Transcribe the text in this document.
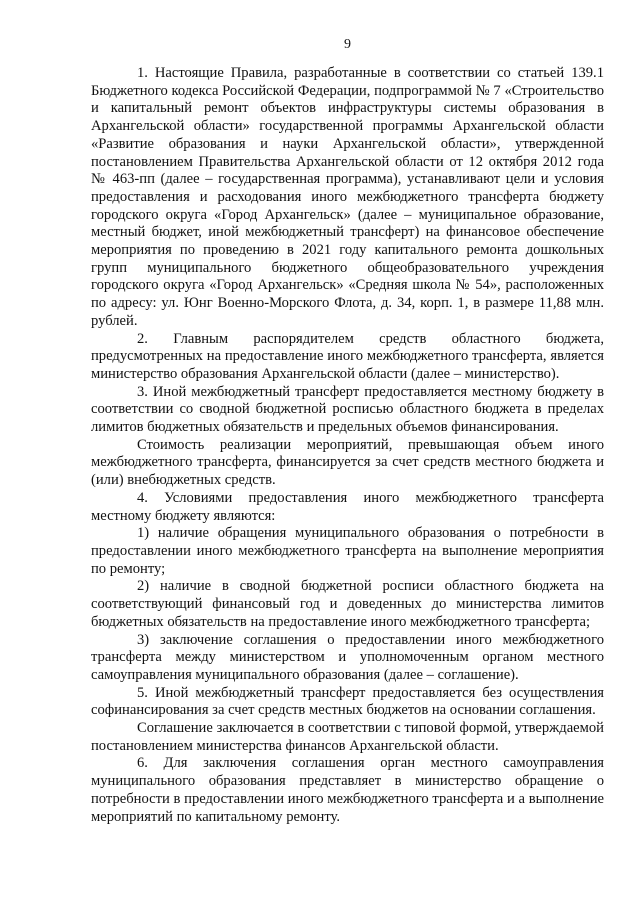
9

1. Настоящие Правила, разработанные в соответствии со статьей 139.1 Бюджетного кодекса Российской Федерации, подпрограммой № 7 «Строительство и капитальный ремонт объектов инфраструктуры системы образования в Архангельской области» государственной программы Архангельской области «Развитие образования и науки Архангельской области», утвержденной постановлением Правительства Архангельской области от 12 октября 2012 года № 463-пп (далее – государственная программа), устанавливают цели и условия предоставления и расходования иного межбюджетного трансферта бюджету городского округа «Город Архангельск» (далее – муниципальное образование, местный бюджет, иной межбюджетный трансферт) на финансовое обеспечение мероприятия по проведению в 2021 году капитального ремонта дошкольных групп муниципального бюджетного общеобразовательного учреждения городского округа «Город Архангельск» «Средняя школа № 54», расположенных по адресу: ул. Юнг Военно-Морского Флота, д. 34, корп. 1, в размере 11,88 млн. рублей.

2. Главным распорядителем средств областного бюджета, предусмотренных на предоставление иного межбюджетного трансферта, является министерство образования Архангельской области (далее – министерство).

3. Иной межбюджетный трансферт предоставляется местному бюджету в соответствии со сводной бюджетной росписью областного бюджета в пределах лимитов бюджетных обязательств и предельных объемов финансирования.

Стоимость реализации мероприятий, превышающая объем иного межбюджетного трансферта, финансируется за счет средств местного бюджета и (или) внебюджетных средств.

4. Условиями предоставления иного межбюджетного трансферта местному бюджету являются:

1) наличие обращения муниципального образования о потребности в предоставлении иного межбюджетного трансферта на выполнение мероприятия по ремонту;

2) наличие в сводной бюджетной росписи областного бюджета на соответствующий финансовый год и доведенных до министерства лимитов бюджетных обязательств на предоставление иного межбюджетного трансферта;

3) заключение соглашения о предоставлении иного межбюджетного трансферта между министерством и уполномоченным органом местного самоуправления муниципального образования (далее – соглашение).

5. Иной межбюджетный трансферт предоставляется без осуществления софинансирования за счет средств местных бюджетов на основании соглашения.

Соглашение заключается в соответствии с типовой формой, утверждаемой постановлением министерства финансов Архангельской области.

6. Для заключения соглашения орган местного самоуправления муниципального образования представляет в министерство обращение о потребности в предоставлении иного межбюджетного трансферта и а выполнение мероприятий по капитальному ремонту.
